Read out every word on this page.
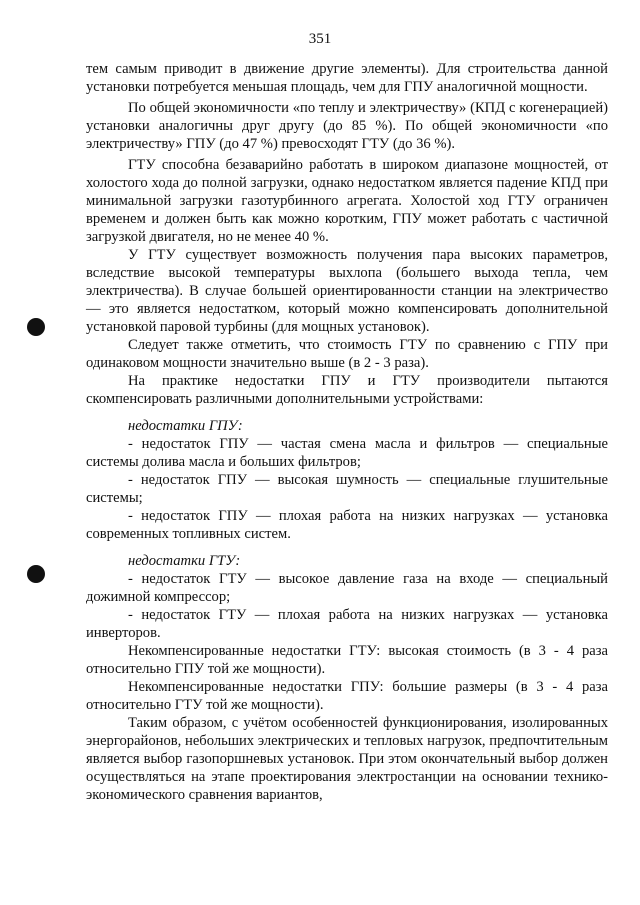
351

тем самым приводит в движение другие элементы). Для строительства данной установки потребуется меньшая площадь, чем для ГПУ аналогичной мощности.

По общей экономичности «по теплу и электричеству» (КПД с когенерацией) установки аналогичны друг другу (до 85 %). По общей экономичности «по электричеству» ГПУ (до 47 %) превосходят ГТУ (до 36 %).

ГТУ способна безаварийно работать в широком диапазоне мощностей, от холостого хода до полной загрузки, однако недостатком является падение КПД при минимальной загрузки газотурбинного агрегата. Холостой ход ГТУ ограничен временем и должен быть как можно коротким, ГПУ может работать с частичной загрузкой двигателя, но не менее 40 %.

У ГТУ существует возможность получения пара высоких параметров, вследствие высокой температуры выхлопа (большего выхода тепла, чем электричества). В случае большей ориентированности станции на электричество — это является недостатком, который можно компенсировать дополнительной установкой паровой турбины (для мощных установок).

Следует также отметить, что стоимость ГТУ по сравнению с ГПУ при одинаковом мощности значительно выше (в 2 - 3 раза).

На практике недостатки ГПУ и ГТУ производители пытаются скомпенсировать различными дополнительными устройствами:

недостатки ГПУ:

- недостаток ГПУ — частая смена масла и фильтров — специальные системы долива масла и больших фильтров;

- недостаток ГПУ — высокая шумность — специальные глушительные системы;

- недостаток ГПУ — плохая работа на низких нагрузках — установка современных топливных систем.

недостатки ГТУ:

- недостаток ГТУ — высокое давление газа на входе — специальный дожимной компрессор;

- недостаток ГТУ — плохая работа на низких нагрузках — установка инверторов.

Некомпенсированные недостатки ГТУ: высокая стоимость (в 3 - 4 раза относительно ГПУ той же мощности).

Некомпенсированные недостатки ГПУ: большие размеры (в 3 - 4 раза относительно ГТУ той же мощности).

Таким образом, с учётом особенностей функционирования, изолированных энергорайонов, небольших электрических и тепловых нагрузок, предпочтительным является выбор газопоршневых установок. При этом окончательный выбор должен осуществляться на этапе проектирования электростанции на основании технико-экономического сравнения вариантов,
